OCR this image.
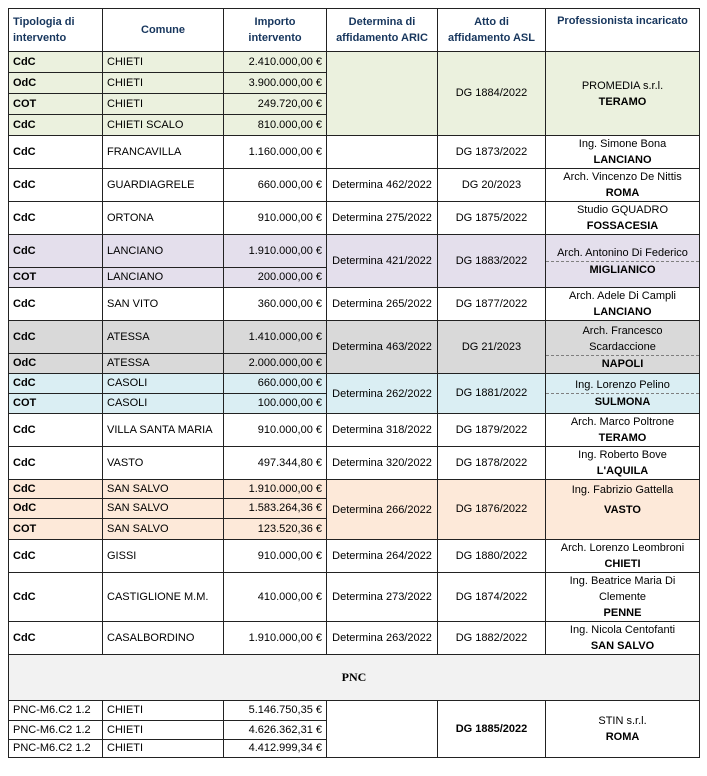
Tipologia di intervento	Comune	Importo intervento	Determina di affidamento ARIC	Atto di affidamento ASL	Professionista incaricato
CdC	CHIETI	2.410.000,00 €		DG 1884/2022	PROMEDIA s.r.l.
TERAMO

OdC	CHIETI	3.900.000,00 €			
COT	CHIETI	249.720,00 €			
CdC	CHIETI SCALO	810.000,00 €			
CdC	FRANCAVILLA	1.160.000,00 €		DG 1873/2022	Ing. Simone Bona
LANCIANO

CdC	GUARDIAGRELE	660.000,00 €	Determina 462/2022	DG 20/2023	Arch. Vincenzo De Nittis
ROMA

CdC	ORTONA	910.000,00 €	Determina 275/2022	DG 1875/2022	Studio GQUADRO
FOSSACESIA

CdC	LANCIANO	1.910.000,00 €	Determina 421/2022	DG 1883/2022	Arch. Antonino Di Federico
MIGLIANICO

COT	LANCIANO	200.000,00 €			
CdC	SAN VITO	360.000,00 €	Determina 265/2022	DG 1877/2022	Arch. Adele Di Campli
LANCIANO

CdC	ATESSA	1.410.000,00 €	Determina 463/2022	DG 21/2023	Arch. Francesco Scardaccione
NAPOLI

OdC	ATESSA	2.000.000,00 €			
CdC	CASOLI	660.000,00 €	Determina 262/2022	DG 1881/2022	Ing. Lorenzo Pelino
SULMONA

COT	CASOLI	100.000,00 €			
CdC	VILLA SANTA MARIA	910.000,00 €	Determina 318/2022	DG 1879/2022	Arch. Marco Poltrone
TERAMO

CdC	VASTO	497.344,80 €	Determina 320/2022	DG 1878/2022	Ing. Roberto Bove
L'AQUILA

CdC	SAN SALVO	1.910.000,00 €	Determina 266/2022	DG 1876/2022	Ing. Fabrizio Gattella
VASTO

OdC	SAN SALVO	1.583.264,36 €			
COT	SAN SALVO	123.520,36 €			
CdC	GISSI	910.000,00 €	Determina 264/2022	DG 1880/2022	Arch. Lorenzo Leombroni
CHIETI

CdC	CASTIGLIONE M.M.	410.000,00 €	Determina 273/2022	DG 1874/2022	Ing. Beatrice Maria Di Clemente
PENNE

CdC	CASALBORDINO	1.910.000,00 €	Determina 263/2022	DG 1882/2022	Ing. Nicola Centofanti
SAN SALVO

PNC					
PNC-M6.C2 1.2	CHIETI	5.146.750,35 €		DG 1885/2022	STIN s.r.l.
ROMA

PNC-M6.C2 1.2	CHIETI	4.626.362,31 €			
PNC-M6.C2 1.2	CHIETI	4.412.999,34 €			
